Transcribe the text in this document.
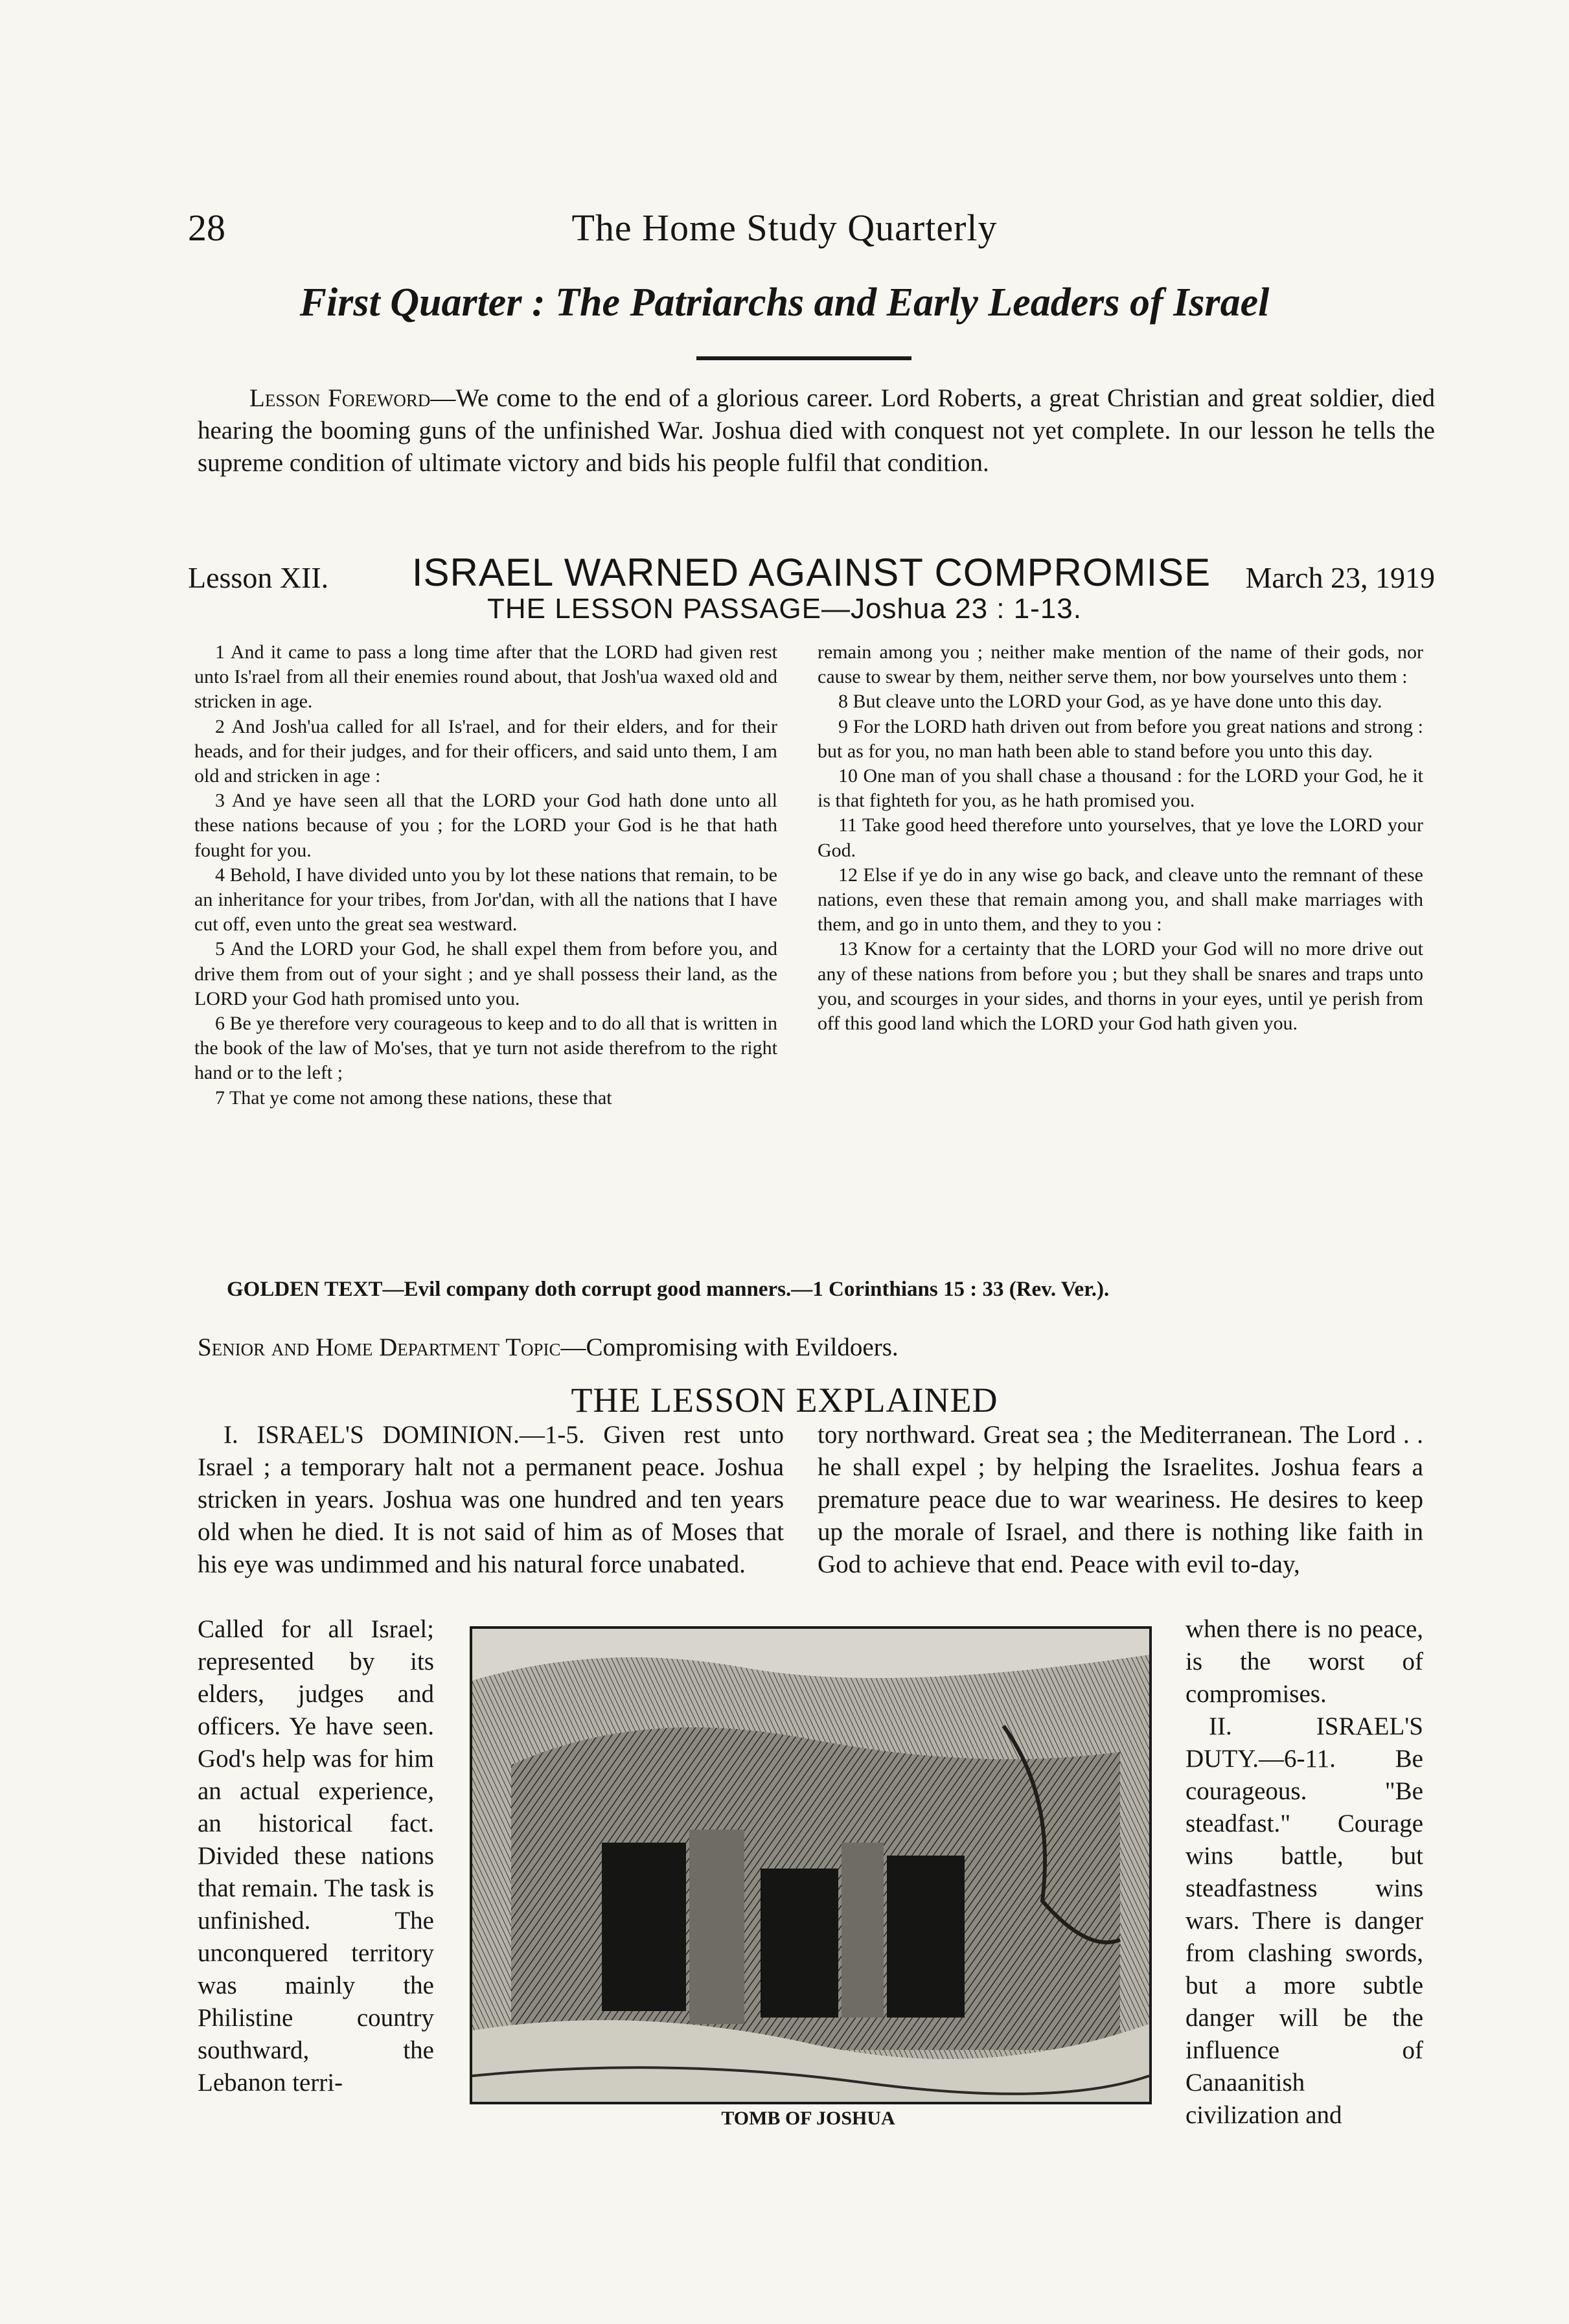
28	The Home Study Quarterly
First Quarter : The Patriarchs and Early Leaders of Israel
Lesson Foreword—We come to the end of a glorious career. Lord Roberts, a great Christian and great soldier, died hearing the booming guns of the unfinished War. Joshua died with conquest not yet complete. In our lesson he tells the supreme condition of ultimate victory and bids his people fulfil that condition.
ISRAEL WARNED AGAINST COMPROMISE
Lesson XII.	March 23, 1919
THE LESSON PASSAGE—Joshua 23 : 1-13.

1 And it came to pass a long time after that the LORD had given rest unto Is'rael from all their enemies round about, that Josh'ua waxed old and stricken in age.

2 And Josh'ua called for all Is'rael, and for their elders, and for their heads, and for their judges, and for their officers, and said unto them, I am old and stricken in age :

3 And ye have seen all that the LORD your God hath done unto all these nations because of you ; for the LORD your God is he that hath fought for you.

4 Behold, I have divided unto you by lot these nations that remain, to be an inheritance for your tribes, from Jor'dan, with all the nations that I have cut off, even unto the great sea westward.

5 And the LORD your God, he shall expel them from before you, and drive them from out of your sight ; and ye shall possess their land, as the LORD your God hath promised unto you.

6 Be ye therefore very courageous to keep and to do all that is written in the book of the law of Mo'ses, that ye turn not aside therefrom to the right hand or to the left ;

7 That ye come not among these nations, these that

remain among you ; neither make mention of the name of their gods, nor cause to swear by them, neither serve them, nor bow yourselves unto them :

8 But cleave unto the LORD your God, as ye have done unto this day.

9 For the LORD hath driven out from before you great nations and strong : but as for you, no man hath been able to stand before you unto this day.

10 One man of you shall chase a thousand : for the LORD your God, he it is that fighteth for you, as he hath promised you.

11 Take good heed therefore unto yourselves, that ye love the LORD your God.

12 Else if ye do in any wise go back, and cleave unto the remnant of these nations, even these that remain among you, and shall make marriages with them, and go in unto them, and they to you :

13 Know for a certainty that the LORD your God will no more drive out any of these nations from before you ; but they shall be snares and traps unto you, and scourges in your sides, and thorns in your eyes, until ye perish from off this good land which the LORD your God hath given you.

GOLDEN TEXT—Evil company doth corrupt good manners.—1 Corinthians 15 : 33 (Rev. Ver.).
Senior and Home Department Topic—Compromising with Evildoers.
THE LESSON EXPLAINED

I. ISRAEL'S DOMINION.—1-5. Given rest unto Israel ; a temporary halt not a permanent peace. Joshua stricken in years. Joshua was one hundred and ten years old when he died. It is not said of him as of Moses that his eye was undimmed and his natural force unabated.

tory northward. Great sea ; the Mediterranean. The Lord . . he shall expel ; by helping the Israelites. Joshua fears a premature peace due to war weariness. He desires to keep up the morale of Israel, and there is nothing like faith in God to achieve that end. Peace with evil to-day,

Called for all Israel; represented by its elders, judges and officers. Ye have seen. God's help was for him an actual experience, an historical fact. Divided these nations that remain. The task is unfinished. The unconquered territory was mainly the Philistine country southward, the Lebanon terri-

when there is no peace, is the worst of compromises.

II. ISRAEL'S DUTY.—6-11. Be courageous. "Be steadfast." Courage wins battle, but steadfastness wins wars. There is danger from clashing swords, but a more subtle danger will be the influence of Canaanitish civilization and

TOMB OF JOSHUA
